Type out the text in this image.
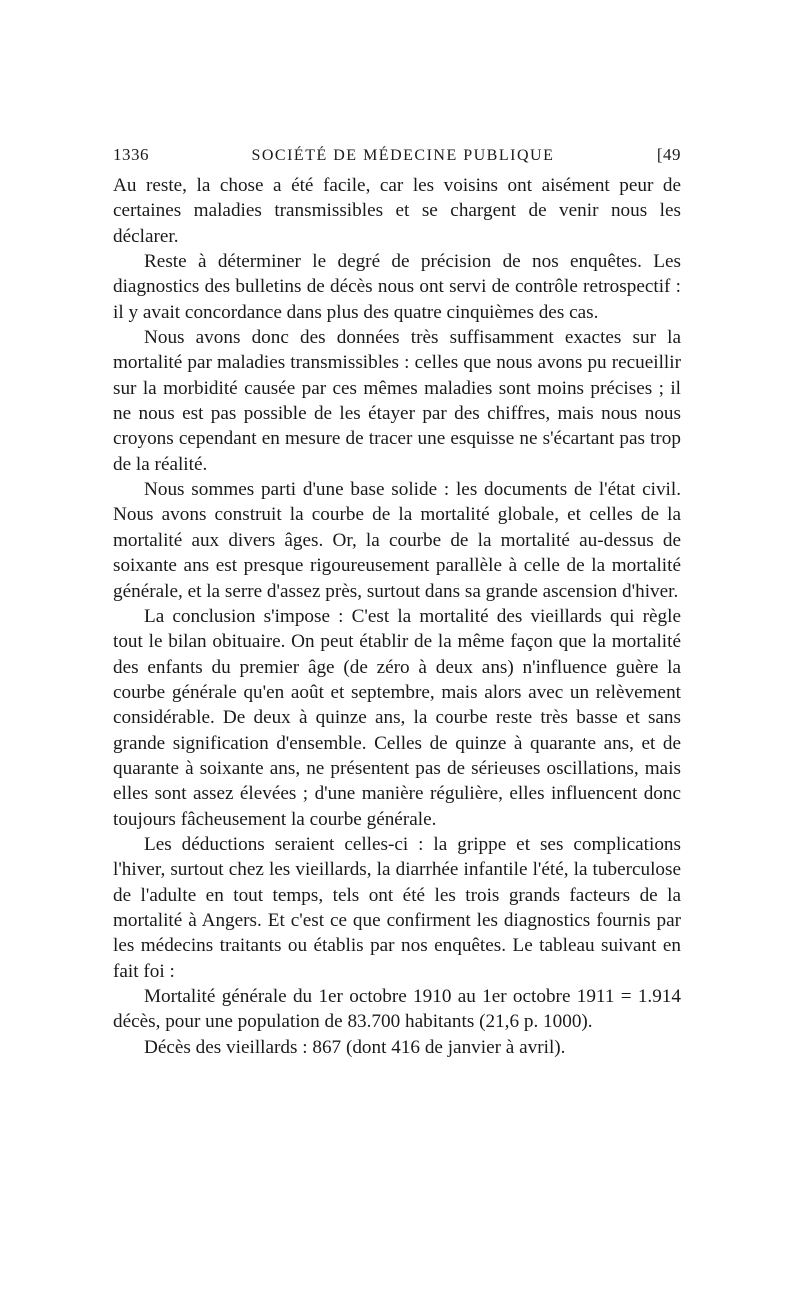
1336	SOCIÉTÉ DE MÉDECINE PUBLIQUE	[49

Au reste, la chose a été facile, car les voisins ont aisément peur de certaines maladies transmissibles et se chargent de venir nous les déclarer.

Reste à déterminer le degré de précision de nos enquêtes. Les diagnostics des bulletins de décès nous ont servi de contrôle retrospectif : il y avait concordance dans plus des quatre cinquièmes des cas.

Nous avons donc des données très suffisamment exactes sur la mortalité par maladies transmissibles : celles que nous avons pu recueillir sur la morbidité causée par ces mêmes maladies sont moins précises ; il ne nous est pas possible de les étayer par des chiffres, mais nous nous croyons cependant en mesure de tracer une esquisse ne s'écartant pas trop de la réalité.

Nous sommes parti d'une base solide : les documents de l'état civil. Nous avons construit la courbe de la mortalité globale, et celles de la mortalité aux divers âges. Or, la courbe de la mortalité au-dessus de soixante ans est presque rigoureusement parallèle à celle de la mortalité générale, et la serre d'assez près, surtout dans sa grande ascension d'hiver.

La conclusion s'impose : C'est la mortalité des vieillards qui règle tout le bilan obituaire. On peut établir de la même façon que la mortalité des enfants du premier âge (de zéro à deux ans) n'influence guère la courbe générale qu'en août et septembre, mais alors avec un relèvement considérable. De deux à quinze ans, la courbe reste très basse et sans grande signification d'ensemble. Celles de quinze à quarante ans, et de quarante à soixante ans, ne présentent pas de sérieuses oscillations, mais elles sont assez élevées ; d'une manière régulière, elles influencent donc toujours fâcheusement la courbe générale.

Les déductions seraient celles-ci : la grippe et ses complications l'hiver, surtout chez les vieillards, la diarrhée infantile l'été, la tuberculose de l'adulte en tout temps, tels ont été les trois grands facteurs de la mortalité à Angers. Et c'est ce que confirment les diagnostics fournis par les médecins traitants ou établis par nos enquêtes. Le tableau suivant en fait foi :

Mortalité générale du 1er octobre 1910 au 1er octobre 1911 = 1.914 décès, pour une population de 83.700 habitants (21,6 p. 1000).

Décès des vieillards : 867 (dont 416 de janvier à avril).
